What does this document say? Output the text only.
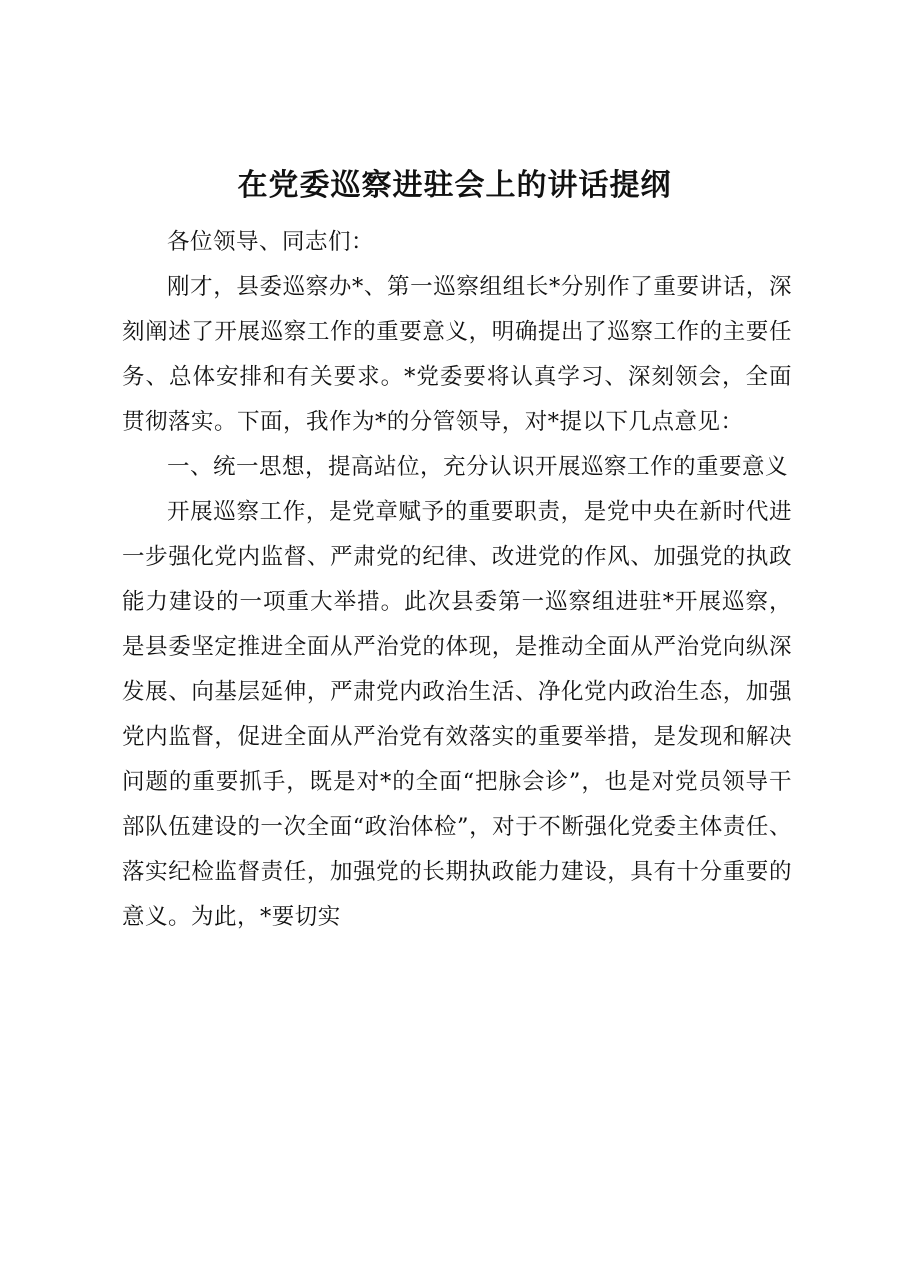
在党委巡察进驻会上的讲话提纲

各位领导、同志们：

刚才，县委巡察办*、第一巡察组组长*分别作了重要讲话，深刻阐述了开展巡察工作的重要意义，明确提出了巡察工作的主要任务、总体安排和有关要求。*党委要将认真学习、深刻领会，全面贯彻落实。下面，我作为*的分管领导，对*提以下几点意见：

一、统一思想，提高站位，充分认识开展巡察工作的重要意义

开展巡察工作，是党章赋予的重要职责，是党中央在新时代进一步强化党内监督、严肃党的纪律、改进党的作风、加强党的执政能力建设的一项重大举措。此次县委第一巡察组进驻*开展巡察，是县委坚定推进全面从严治党的体现，是推动全面从严治党向纵深发展、向基层延伸，严肃党内政治生活、净化党内政治生态，加强党内监督，促进全面从严治党有效落实的重要举措，是发现和解决问题的重要抓手，既是对*的全面“把脉会诊”，也是对党员领导干部队伍建设的一次全面“政治体检”，对于不断强化党委主体责任、落实纪检监督责任，加强党的长期执政能力建设，具有十分重要的意义。为此，*要切实
